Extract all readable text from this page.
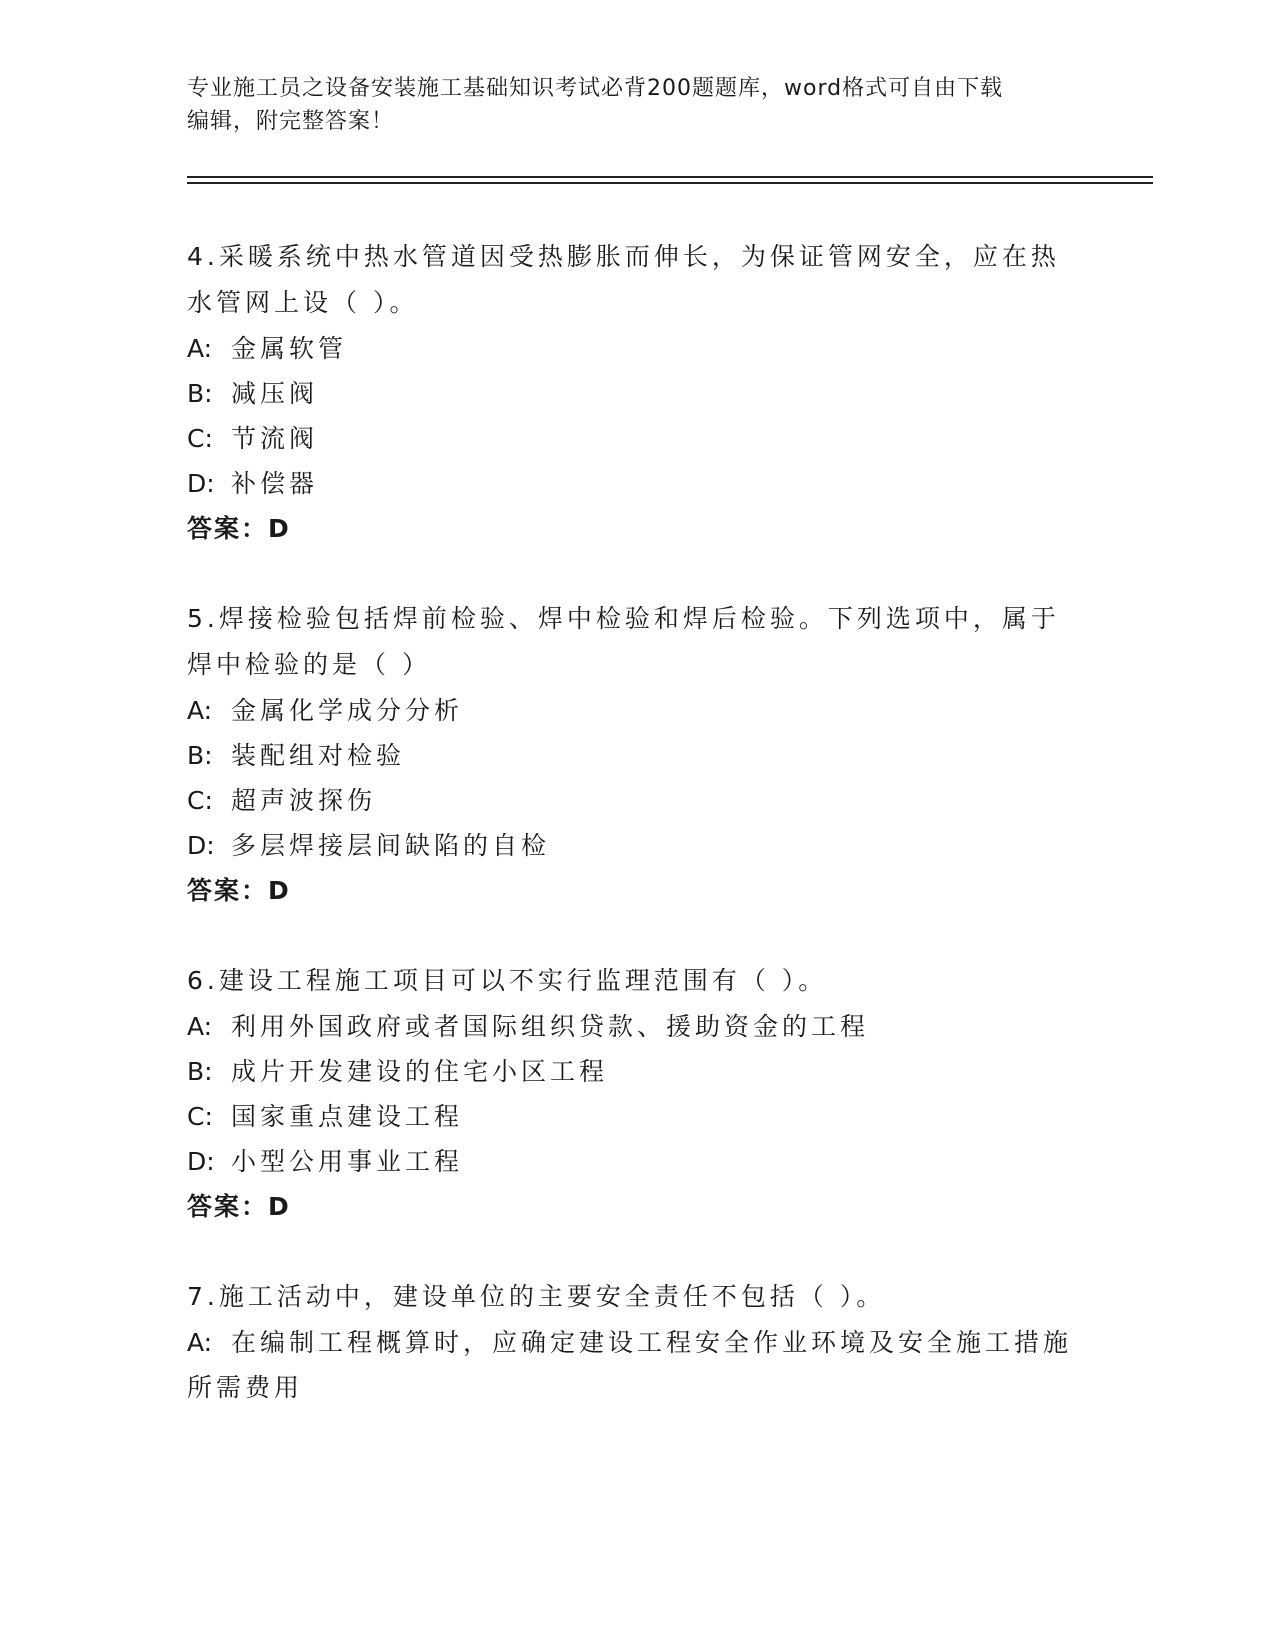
专业施工员之设备安装施工基础知识考试必背200题题库，word格式可自由下载
编辑，附完整答案！
4.采暖系统中热水管道因受热膨胀而伸长，为保证管网安全，应在热水管网上设（ ）。
A: 金属软管
B: 减压阀
C: 节流阀
D: 补偿器
答案：D
5.焊接检验包括焊前检验、焊中检验和焊后检验。下列选项中，属于焊中检验的是（ ）
A: 金属化学成分分析
B: 装配组对检验
C: 超声波探伤
D: 多层焊接层间缺陷的自检
答案：D
6.建设工程施工项目可以不实行监理范围有（ ）。
A: 利用外国政府或者国际组织贷款、援助资金的工程
B: 成片开发建设的住宅小区工程
C: 国家重点建设工程
D: 小型公用事业工程
答案：D
7.施工活动中，建设单位的主要安全责任不包括（ ）。
A: 在编制工程概算时，应确定建设工程安全作业环境及安全施工措施所需费用
